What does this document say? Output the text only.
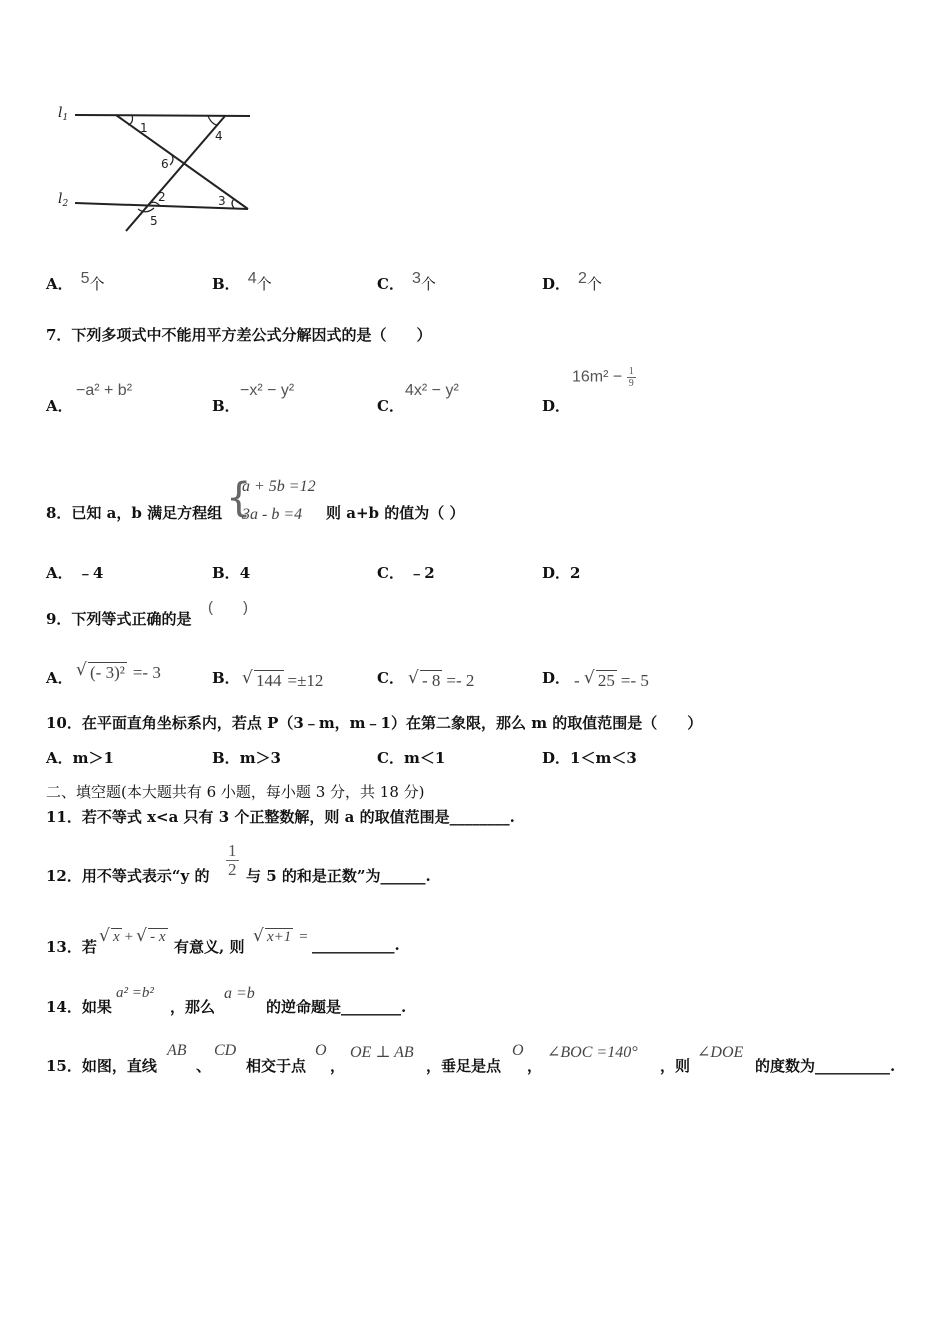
$l_1$
$l_2$
1
4
6
2	3
5
A． 5个	B． 4个	C． 3个	D． 2个
7．下列多项式中不能用平方差公式分解因式的是（　　）
A．
−a² + b²
B．
−x² − y²
C．
4x² − y²
D．
$16m^2 - \frac{1}{9}$
8．已知 a，b 满足方程组 {
a + 5b =12
3a - b =4 则 a+b 的值为（ ）
A． ﹣4	B．4	C． ﹣2	D．2
9．下列等式正确的是
(　　)
A． √ (- 3)² =- 3	B． √ 144 =±12	C． √ - 8 =- 2	D． - √ 25 =- 5
10．在平面直角坐标系内，若点 P（3﹣m，m﹣1）在第二象限，那么 m 的取值范围是（　　）
A．m＞1	B．m＞3	C．m＜1	D．1＜m＜3
二、填空题(本大题共有 6 小题，每小题 3 分，共 18 分)
11．若不等式 x<a 只有 3 个正整数解，则 a 的取值范围是________.
12．用不等式表示“y 的 $\frac{1}{2}$ 与 5 的和是正数”为______.
13．若
√ x + √ - x
有意义, 则
√ x+1 = ___________.
14．如果
a² =b²
，那么
a =b
的逆命题是________.
15．如图，直线
AB
、
CD
相交于点
O
，
OE ⊥ AB
，垂足是点
O
，
∠BOC =140°
，则
∠DOE
的度数为__________.
